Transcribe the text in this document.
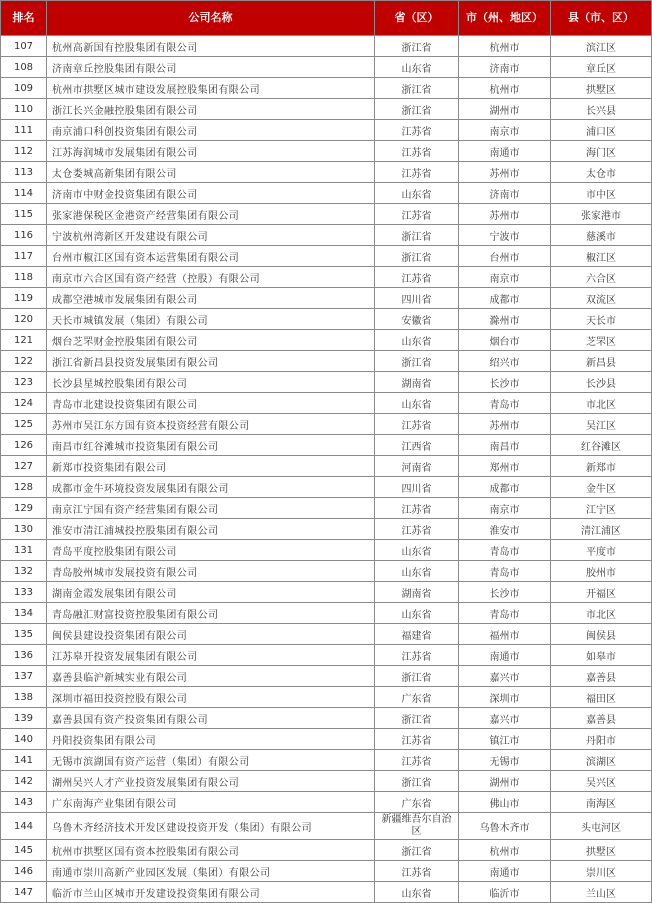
排名	公司名称	省（区）	市（州、地区）	县（市、区）
107	杭州高新国有控股集团有限公司	浙江省	杭州市	滨江区
108	济南章丘控股集团有限公司	山东省	济南市	章丘区
109	杭州市拱墅区城市建设发展控股集团有限公司	浙江省	杭州市	拱墅区
110	浙江长兴金融控股集团有限公司	浙江省	湖州市	长兴县
111	南京浦口科创投资集团有限公司	江苏省	南京市	浦口区
112	江苏海润城市发展集团有限公司	江苏省	南通市	海门区
113	太仓娄城高新集团有限公司	江苏省	苏州市	太仓市
114	济南市中财金投资集团有限公司	山东省	济南市	市中区
115	张家港保税区金港资产经营集团有限公司	江苏省	苏州市	张家港市
116	宁波杭州湾新区开发建设有限公司	浙江省	宁波市	慈溪市
117	台州市椒江区国有资本运营集团有限公司	浙江省	台州市	椒江区
118	南京市六合区国有资产经营（控股）有限公司	江苏省	南京市	六合区
119	成都空港城市发展集团有限公司	四川省	成都市	双流区
120	天长市城镇发展（集团）有限公司	安徽省	滁州市	天长市
121	烟台芝罘财金控股集团有限公司	山东省	烟台市	芝罘区
122	浙江省新昌县投资发展集团有限公司	浙江省	绍兴市	新昌县
123	长沙县星城控股集团有限公司	湖南省	长沙市	长沙县
124	青岛市北建设投资集团有限公司	山东省	青岛市	市北区
125	苏州市吴江东方国有资本投资经营有限公司	江苏省	苏州市	吴江区
126	南昌市红谷滩城市投资集团有限公司	江西省	南昌市	红谷滩区
127	新郑市投资集团有限公司	河南省	郑州市	新郑市
128	成都市金牛环境投资发展集团有限公司	四川省	成都市	金牛区
129	南京江宁国有资产经营集团有限公司	江苏省	南京市	江宁区
130	淮安市清江浦城投控股集团有限公司	江苏省	淮安市	清江浦区
131	青岛平度控股集团有限公司	山东省	青岛市	平度市
132	青岛胶州城市发展投资有限公司	山东省	青岛市	胶州市
133	湖南金霞发展集团有限公司	湖南省	长沙市	开福区
134	青岛融汇财富投资控股集团有限公司	山东省	青岛市	市北区
135	闽侯县建设投资集团有限公司	福建省	福州市	闽侯县
136	江苏皋开投资发展集团有限公司	江苏省	南通市	如皋市
137	嘉善县临沪新城实业有限公司	浙江省	嘉兴市	嘉善县
138	深圳市福田投资控股有限公司	广东省	深圳市	福田区
139	嘉善县国有资产投资集团有限公司	浙江省	嘉兴市	嘉善县
140	丹阳投资集团有限公司	江苏省	镇江市	丹阳市
141	无锡市滨湖国有资产运营（集团）有限公司	江苏省	无锡市	滨湖区
142	湖州吴兴人才产业投资发展集团有限公司	浙江省	湖州市	吴兴区
143	广东南海产业集团有限公司	广东省	佛山市	南海区
144	乌鲁木齐经济技术开发区建设投资开发（集团）有限公司	新疆维吾尔自治区	乌鲁木齐市	头屯河区
145	杭州市拱墅区国有资本控股集团有限公司	浙江省	杭州市	拱墅区
146	南通市崇川高新产业园区发展（集团）有限公司	江苏省	南通市	崇川区
147	临沂市兰山区城市开发建设投资集团有限公司	山东省	临沂市	兰山区
